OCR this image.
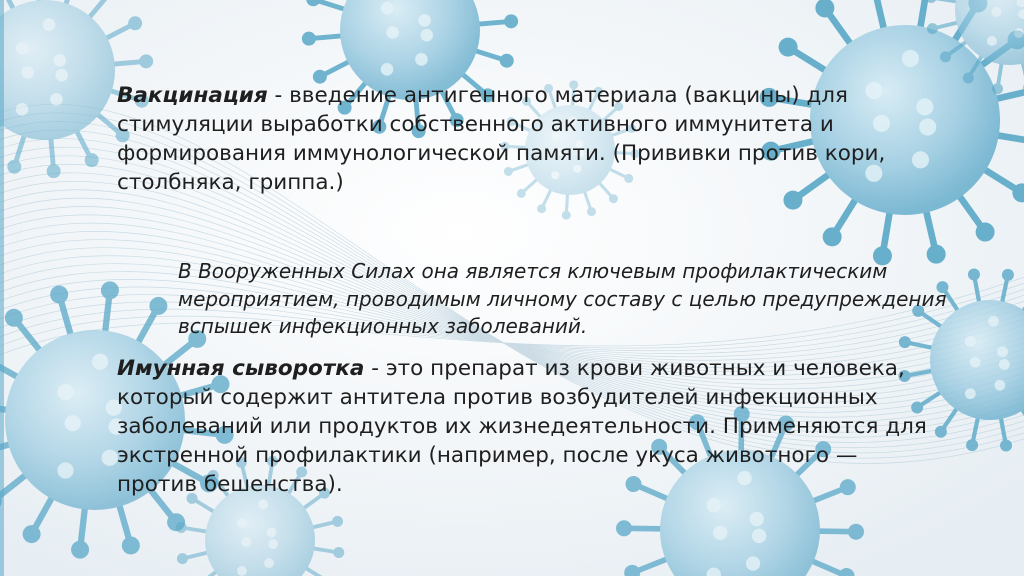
Вакцинация - введение антигенного материала (вакцины) для стимуляции выработки собственного активного иммунитета и формирования иммунологической памяти. (Прививки против кори, столбняка, гриппа.)
В Вооруженных Силах она является ключевым профилактическим мероприятием, проводимым личному составу с целью предупреждения вспышек инфекционных заболеваний.
Имунная сыворотка - это препарат из крови животных и человека, который содержит антитела против возбудителей инфекционных заболеваний или продуктов их жизнедеятельности. Применяются для экстренной профилактики (например, после укуса животного — против бешенства).
